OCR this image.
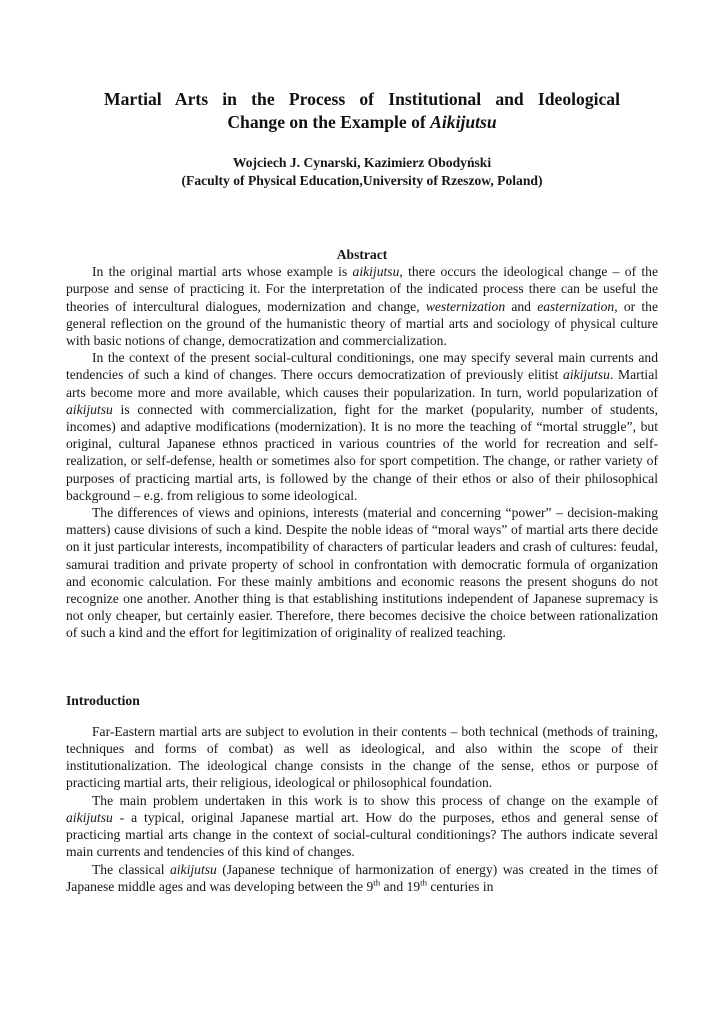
Martial Arts in the Process of Institutional and Ideological
Change on the Example of Aikijutsu
Wojciech J. Cynarski, Kazimierz Obodyński
(Faculty of Physical Education,University of Rzeszow, Poland)
Abstract

In the original martial arts whose example is aikijutsu, there occurs the ideological change – of the purpose and sense of practicing it. For the interpretation of the indicated process there can be useful the theories of intercultural dialogues, modernization and change, westernization and easternization, or the general reflection on the ground of the humanistic theory of martial arts and sociology of physical culture with basic notions of change, democratization and commercialization.

In the context of the present social-cultural conditionings, one may specify several main currents and tendencies of such a kind of changes. There occurs democratization of previously elitist aikijutsu. Martial arts become more and more available, which causes their popularization. In turn, world popularization of aikijutsu is connected with commercialization, fight for the market (popularity, number of students, incomes) and adaptive modifications (modernization). It is no more the teaching of “mortal struggle”, but original, cultural Japanese ethnos practiced in various countries of the world for recreation and self-realization, or self-defense, health or sometimes also for sport competition. The change, or rather variety of purposes of practicing martial arts, is followed by the change of their ethos or also of their philosophical background – e.g. from religious to some ideological.

The differences of views and opinions, interests (material and concerning “power” – decision-making matters) cause divisions of such a kind. Despite the noble ideas of “moral ways” of martial arts there decide on it just particular interests, incompatibility of characters of particular leaders and crash of cultures: feudal, samurai tradition and private property of school in confrontation with democratic formula of organization and economic calculation. For these mainly ambitions and economic reasons the present shoguns do not recognize one another. Another thing is that establishing institutions independent of Japanese supremacy is not only cheaper, but certainly easier. Therefore, there becomes decisive the choice between rationalization of such a kind and the effort for legitimization of originality of realized teaching.

Introduction

Far-Eastern martial arts are subject to evolution in their contents – both technical (methods of training, techniques and forms of combat) as well as ideological, and also within the scope of their institutionalization. The ideological change consists in the change of the sense, ethos or purpose of practicing martial arts, their religious, ideological or philosophical foundation.

The main problem undertaken in this work is to show this process of change on the example of aikijutsu - a typical, original Japanese martial art. How do the purposes, ethos and general sense of practicing martial arts change in the context of social-cultural conditionings? The authors indicate several main currents and tendencies of this kind of changes.

The classical aikijutsu (Japanese technique of harmonization of energy) was created in the times of Japanese middle ages and was developing between the 9th and 19th centuries in
